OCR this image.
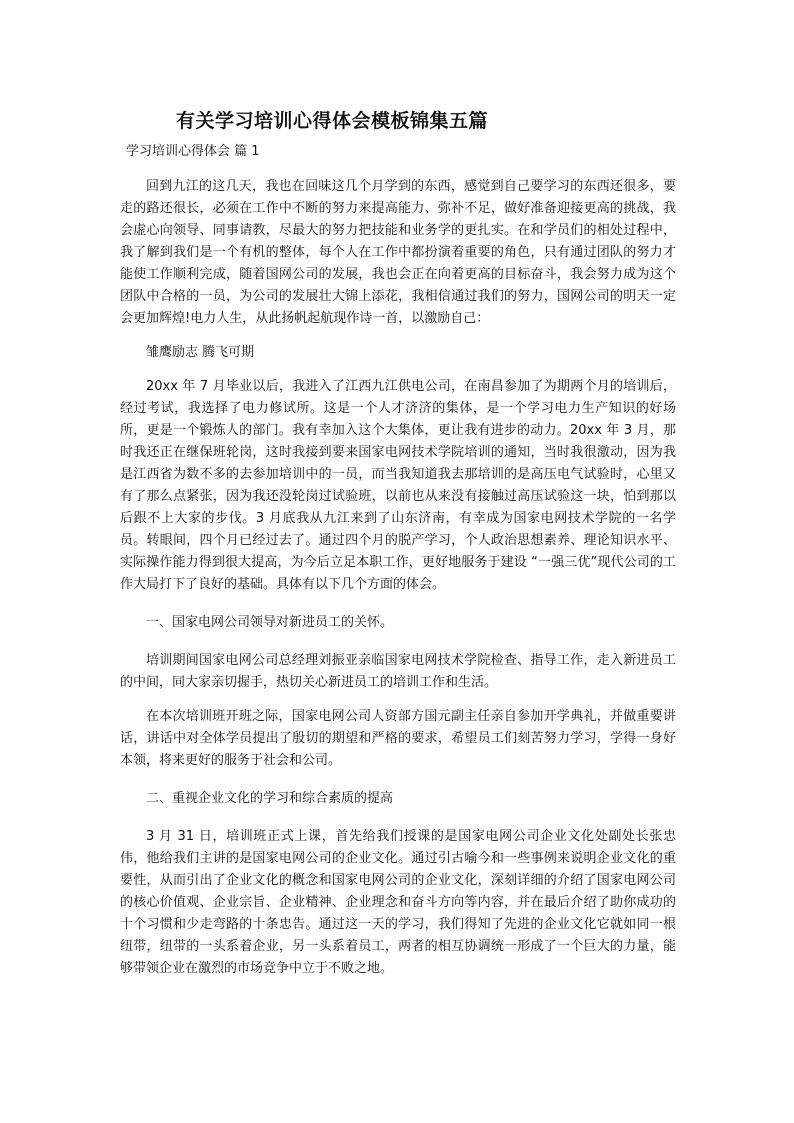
有关学习培训心得体会模板锦集五篇
学习培训心得体会 篇 1

回到九江的这几天，我也在回味这几个月学到的东西，感觉到自己要学习的东西还很多，要走的路还很长，必须在工作中不断的努力来提高能力、弥补不足，做好准备迎接更高的挑战，我会虚心向领导、同事请教，尽最大的努力把技能和业务学的更扎实。在和学员们的相处过程中，我了解到我们是一个有机的整体，每个人在工作中都扮演着重要的角色，只有通过团队的努力才能使工作顺利完成，随着国网公司的发展，我也会正在向着更高的目标奋斗，我会努力成为这个团队中合格的一员，为公司的发展壮大锦上添花，我相信通过我们的努力，国网公司的明天一定会更加辉煌!电力人生，从此扬帆起航现作诗一首，以激励自己：

雏鹰励志 腾飞可期

20xx 年 7 月毕业以后，我进入了江西九江供电公司，在南昌参加了为期两个月的培训后，经过考试，我选择了电力修试所。这是一个人才济济的集体，是一个学习电力生产知识的好场所，更是一个锻炼人的部门。我有幸加入这个大集体，更让我有进步的动力。20xx 年 3 月，那时我还正在继保班轮岗，这时我接到要来国家电网技术学院培训的通知，当时我很激动，因为我是江西省为数不多的去参加培训中的一员，而当我知道我去那培训的是高压电气试验时，心里又有了那么点紧张，因为我还没轮岗过试验班，以前也从来没有接触过高压试验这一块，怕到那以后跟不上大家的步伐。3 月底我从九江来到了山东济南，有幸成为国家电网技术学院的一名学员。转眼间，四个月已经过去了。通过四个月的脱产学习，个人政治思想素养、理论知识水平、实际操作能力得到很大提高，为今后立足本职工作，更好地服务于建设 “一强三优”现代公司的工作大局打下了良好的基础。具体有以下几个方面的体会。

一、国家电网公司领导对新进员工的关怀。

培训期间国家电网公司总经理刘振亚亲临国家电网技术学院检查、指导工作，走入新进员工的中间，同大家亲切握手，热切关心新进员工的培训工作和生活。

在本次培训班开班之际，国家电网公司人资部方国元副主任亲自参加开学典礼，并做重要讲话，讲话中对全体学员提出了殷切的期望和严格的要求，希望员工们刻苦努力学习，学得一身好本领，将来更好的服务于社会和公司。

二、重视企业文化的学习和综合素质的提高

3 月 31 日，培训班正式上课，首先给我们授课的是国家电网公司企业文化处副处长张忠伟，他给我们主讲的是国家电网公司的企业文化。通过引古喻今和一些事例来说明企业文化的重要性，从而引出了企业文化的概念和国家电网公司的企业文化，深刻详细的介绍了国家电网公司的核心价值观、企业宗旨、企业精神、企业理念和奋斗方向等内容，并在最后介绍了助你成功的十个习惯和少走弯路的十条忠告。通过这一天的学习，我们得知了先进的企业文化它就如同一根纽带，纽带的一头系着企业，另一头系着员工，两者的相互协调统一形成了一个巨大的力量，能够带领企业在激烈的市场竞争中立于不败之地。
